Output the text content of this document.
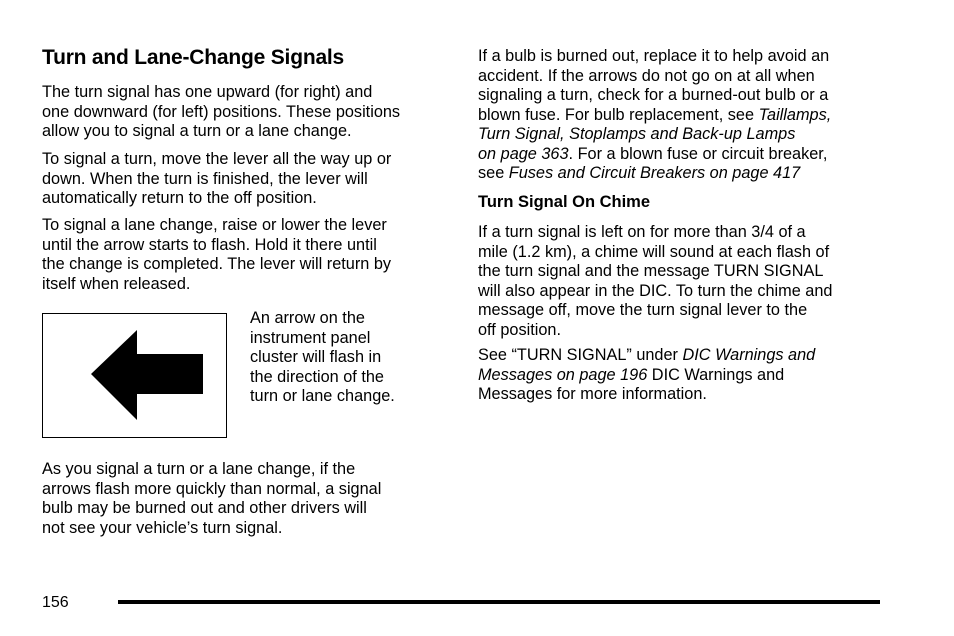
Turn and Lane-Change Signals
The turn signal has one upward (for right) and
one downward (for left) positions. These positions
allow you to signal a turn or a lane change.
To signal a turn, move the lever all the way up or
down. When the turn is finished, the lever will
automatically return to the off position.
To signal a lane change, raise or lower the lever
until the arrow starts to flash. Hold it there until
the change is completed. The lever will return by
itself when released.
An arrow on the
instrument panel
cluster will flash in
the direction of the
turn or lane change.
As you signal a turn or a lane change, if the
arrows flash more quickly than normal, a signal
bulb may be burned out and other drivers will
not see your vehicle’s turn signal.
If a bulb is burned out, replace it to help avoid an
accident. If the arrows do not go on at all when
signaling a turn, check for a burned-out bulb or a
blown fuse. For bulb replacement, see Taillamps,
Turn Signal, Stoplamps and Back-up Lamps
on page 363. For a blown fuse or circuit breaker,
see Fuses and Circuit Breakers on page 417
Turn Signal On Chime
If a turn signal is left on for more than 3/4 of a
mile (1.2 km), a chime will sound at each flash of
the turn signal and the message TURN SIGNAL
will also appear in the DIC. To turn the chime and
message off, move the turn signal lever to the
off position.
See “TURN SIGNAL” under DIC Warnings and
Messages on page 196 DIC Warnings and
Messages for more information.
156
